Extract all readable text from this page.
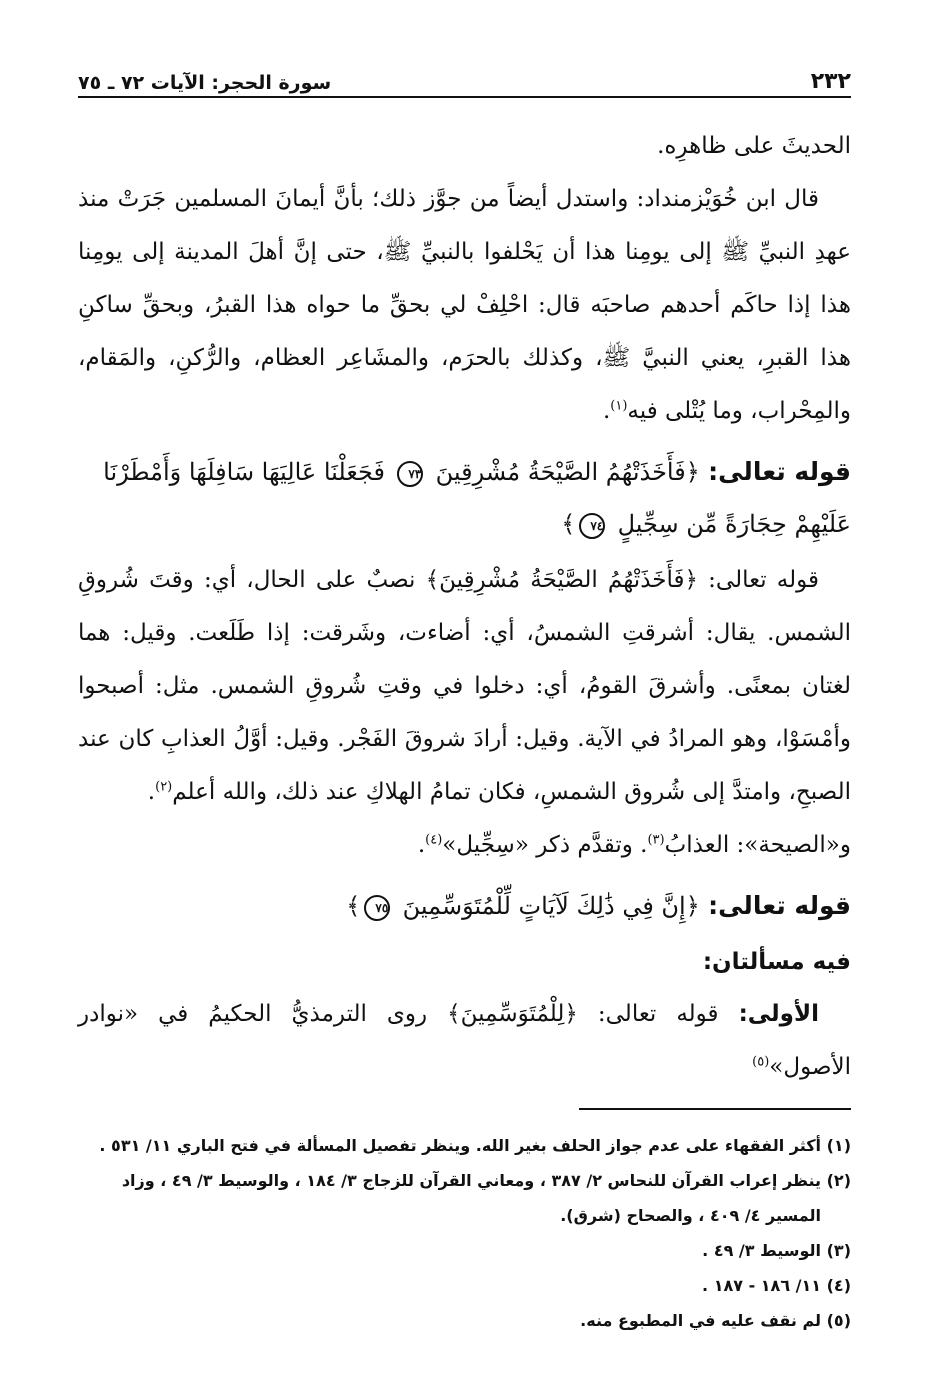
٢٣٢
سورة الحجر: الآيات ٧٢ ـ ٧٥

الحديثَ على ظاهرِه.

قال ابن خُوَيْزمنداد: واستدل أيضاً من جوَّز ذلك؛ بأنَّ أيمانَ المسلمين جَرَتْ منذ عهدِ النبيِّ ﷺ إلى يومِنا هذا أن يَحْلفوا بالنبيِّ ﷺ، حتى إنَّ أهلَ المدينة إلى يومِنا هذا إذا حاكَم أحدهم صاحبَه قال: احْلِفْ لي بحقِّ ما حواه هذا القبرُ، وبحقِّ ساكنِ هذا القبرِ، يعني النبيَّ ﷺ، وكذلك بالحرَم، والمشَاعِر العظام، والرُّكنِ، والمَقام، والمِحْراب، وما يُتْلى فيه$^{(١)}$.

قوله تعالى: ﴿فَأَخَذَتْهُمُ الصَّيْحَةُ مُشْرِقِينَ ٧٣ فَجَعَلْنَا عَالِيَهَا سَافِلَهَا وَأَمْطَرْنَا عَلَيْهِمْ حِجَارَةً مِّن سِجِّيلٍ ٧٤﴾

قوله تعالى: ﴿فَأَخَذَتْهُمُ الصَّيْحَةُ مُشْرِقِينَ﴾ نصبٌ على الحال، أي: وقتَ شُروقِ الشمس. يقال: أشرقتِ الشمسُ، أي: أضاءت، وشَرقت: إذا طَلَعت. وقيل: هما لغتان بمعنًى. وأشرقَ القومُ، أي: دخلوا في وقتِ شُروقِ الشمس. مثل: أصبحوا وأمْسَوْا، وهو المرادُ في الآية. وقيل: أرادَ شروقَ الفَجْر. وقيل: أوَّلُ العذابِ كان عند الصبحِ، وامتدَّ إلى شُروق الشمسِ، فكان تمامُ الهلاكِ عند ذلك، والله أعلم$^{(٢)}$.

و«الصيحة»: العذابُ$^{(٣)}$. وتقدَّم ذكر «سِجِّيل»$^{(٤)}$.

قوله تعالى: ﴿إِنَّ فِي ذَٰلِكَ لَآيَاتٍ لِّلْمُتَوَسِّمِينَ ٧٥﴾

فيه مسألتان:

الأولى: قوله تعالى: ﴿لِلْمُتَوَسِّمِينَ﴾ روى الترمذيُّ الحكيمُ في «نوادر الأصول»$^{(٥)}$

(١) أكثر الفقهاء على عدم جواز الحلف بغير الله. وينظر تفصيل المسألة في فتح الباري ١١/ ٥٣١ .

(٢) ينظر إعراب القرآن للنحاس ٢/ ٣٨٧ ، ومعاني القرآن للزجاج ٣/ ١٨٤ ، والوسيط ٣/ ٤٩ ، وزاد المسير ٤/ ٤٠٩ ، والصحاح (شرق).

(٣) الوسيط ٣/ ٤٩ .

(٤) ١١/ ١٨٦ - ١٨٧ .

(٥) لم نقف عليه في المطبوع منه.
